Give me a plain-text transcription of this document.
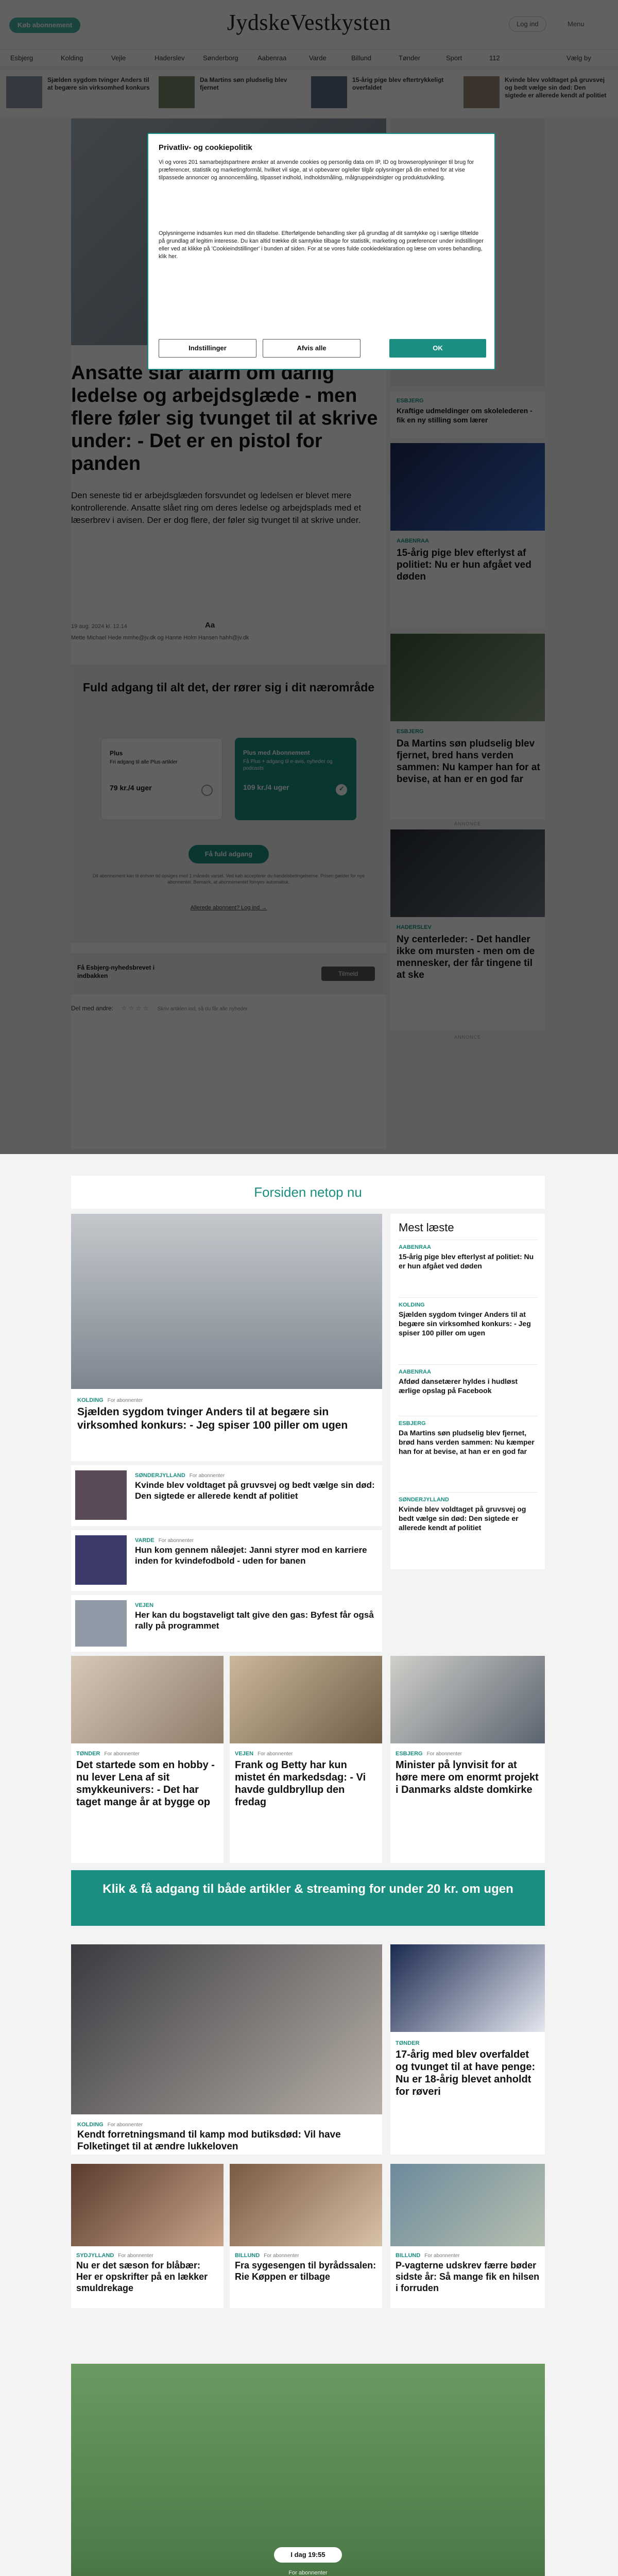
✓
Privatliv- og cookiepolitik
Vi og vores 201 samarbejdspartnere ønsker at anvende cookies og personlig data om IP, ID og browseroplysninger til brug for præferencer, statistik og marketingformål, hvilket vil sige, at vi opbevarer og/eller tilgår oplysninger på din enhed for at vise tilpassede annoncer og annoncemåling, tilpasset indhold, indholdsmåling, målgruppeindsigter og produktudvikling.
Oplysningerne indsamles kun med din tilladelse. Efterfølgende behandling sker på grundlag af dit samtykke og i særlige tilfælde på grundlag af legitim interesse. Du kan altid trække dit samtykke tilbage for statistik, marketing og præferencer under indstillinger eller ved at klikke på 'Cookieindstillinger' i bunden af siden. For at se vores fulde cookiedeklaration og læse om vores behandling, klik her.
Indstillinger	Afvis alle	OK
Forsiden netop nu
KOLDING For abonnenter
Sjælden sygdom tvinger Anders til at begære sin virksomhed konkurs: - Jeg spiser 100 piller om ugen
SØNDERJYLLAND For abonnenter
Kvinde blev voldtaget på gruvsvej og bedt vælge sin død: Den sigtede er allerede kendt af politiet
VARDE For abonnenter
Hun kom gennem nåleøjet: Janni styrer mod en karriere inden for kvindefodbold - uden for banen
VEJEN
Her kan du bogstaveligt talt give den gas: Byfest får også rally på programmet
TØNDER For abonnenter
Det startede som en hobby - nu lever Lena af sit smykkeunivers: - Det har taget mange år at bygge op
VEJEN For abonnenter
Frank og Betty har kun mistet én markedsdag: - Vi havde guldbryllup den fredag
KOLDING For abonnenter
Kendt forretningsmand til kamp mod butiksdød: Vil have Folketinget til at ændre lukkeloven
SYDJYLLAND For abonnenter
Nu er det sæson for blåbær: Her er opskrifter på en lækker smuldrekage
BILLUND For abonnenter
Fra sygesengen til byrådssalen: Rie Køppen er tilbage
ESBJERG For abonnenter
Minister på lynvisit for at høre mere om enormt projekt i Danmarks aldste domkirke
TØNDER
17-årig med blev overfaldet og tvunget til at have penge: Nu er 18-årig blevet anholdt for røveri
BILLUND For abonnenter
P-vagterne udskrev færre bøder sidste år: Så mange fik en hilsen i forruden
Mest læste
AABENRAA
15-årig pige blev efterlyst af politiet: Nu er hun afgået ved døden
KOLDING
Sjælden sygdom tvinger Anders til at begære sin virksomhed konkurs: - Jeg spiser 100 piller om ugen
AABENRAA
Afdød dansetærer hyldes i hudløst ærlige opslag på Facebook
ESBJERG
Da Martins søn pludselig blev fjernet, brød hans verden sammen: Nu kæmper han for at bevise, at han er en god far
SØNDERJYLLAND
Kvinde blev voldtaget på gruvsvej og bedt vælge sin død: Den sigtede er allerede kendt af politiet
Klik & få adgang til både artikler & streaming for under 20 kr. om ugen
I dag 19:55
For abonnenter
